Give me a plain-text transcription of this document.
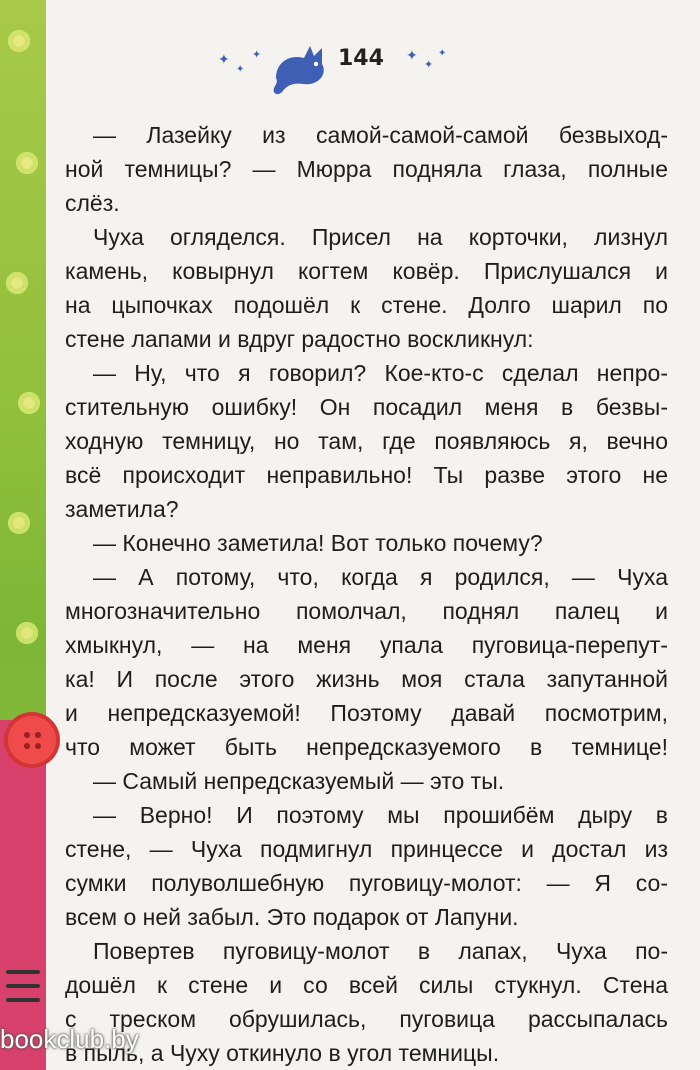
✦
✦
✦	144 ✦
✦
✦
— Лазейку из самой-самой-самой безвыход-
ной темницы? — Мюрра подняла глаза, полные
слёз.
Чуха огляделся. Присел на корточки, лизнул
камень, ковырнул когтем ковёр. Прислушался и
на цыпочках подошёл к стене. Долго шарил по
стене лапами и вдруг радостно воскликнул:
— Ну, что я говорил? Кое-кто-с сделал непро-
стительную ошибку! Он посадил меня в безвы-
ходную темницу, но там, где появляюсь я, вечно
всё происходит неправильно! Ты разве этого не
заметила?
— Конечно заметила! Вот только почему?
— А потому, что, когда я родился, — Чуха
многозначительно помолчал, поднял палец и
хмыкнул, — на меня упала пуговица-перепут-
ка! И после этого жизнь моя стала запутанной
и непредсказуемой! Поэтому давай посмотрим,
что может быть непредсказуемого в темнице!
— Самый непредсказуемый — это ты.
— Верно! И поэтому мы прошибём дыру в
стене, — Чуха подмигнул принцессе и достал из
сумки полуволшебную пуговицу-молот: — Я со-
всем о ней забыл. Это подарок от Лапуни.
Повертев пуговицу-молот в лапах, Чуха по-
дошёл к стене и со всей силы стукнул. Стена
с треском обрушилась, пуговица рассыпалась
в пыль, а Чуху откинуло в угол темницы.
bookclub.by
